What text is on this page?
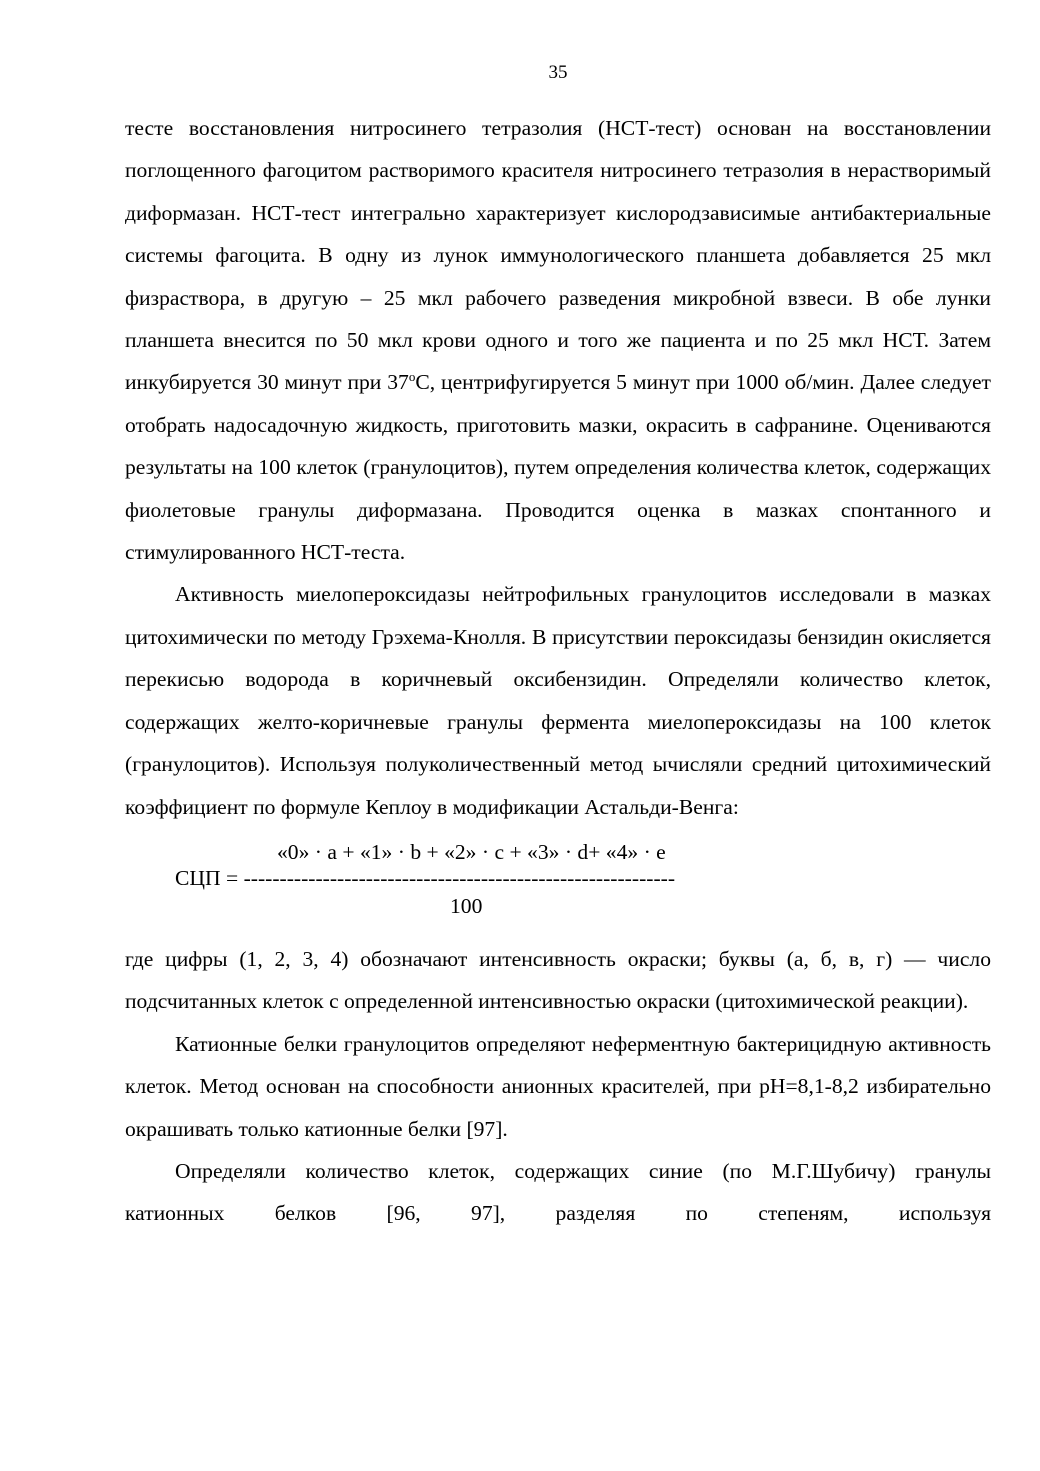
35

тесте восстановления нитросинего тетразолия (НСТ-тест) основан на восстановлении поглощенного фагоцитом растворимого красителя нитросинего тетразолия в нерастворимый диформазан. НСТ-тест интегрально характеризует кислородзависимые антибактериальные системы фагоцита. В одну из лунок иммунологического планшета добавляется 25 мкл физраствора, в другую – 25 мкл рабочего разведения микробной взвеси. В обе лунки планшета внесится по 50 мкл крови одного и того же пациента и по 25 мкл НСТ. Затем инкубируется 30 минут при $37^оС$, центрифугируется 5 минут при 1000 об/мин. Далее следует отобрать надосадочную жидкость, приготовить мазки, окрасить в сафранине. Оцениваются результаты на 100 клеток (гранулоцитов), путем определения количества клеток, содержащих фиолетовые гранулы диформазана. Проводится оценка в мазках спонтанного и стимулированного НСТ-теста.

Активность миелопероксидазы нейтрофильных гранулоцитов исследовали в мазках цитохимически по методу Грэхема-Кнолля. В присутствии пероксидазы бензидин окисляется перекисью водорода в коричневый оксибензидин. Определяли количество клеток, содержащих желто-коричневые гранулы фермента миелопероксидазы на 100 клеток (гранулоцитов). Используя полуколичественный метод ычисляли средний цитохимический коэффициент по формуле Кеплоу в модификации Астальди-Венга:

«0» · a + «1» · b + «2» · c + «3» · d+ «4» · e
СЦП = ------------------------------------------------------------
100

где цифры (1, 2, 3, 4) обозначают интенсивность окраски; буквы (а, б, в, г) — число подсчитанных клеток с определенной интенсивностью окраски (цитохимической реакции).

Катионные белки гранулоцитов определяют неферментную бактерицидную активность клеток. Метод основан на способности анионных красителей, при рН=8,1-8,2 избирательно окрашивать только катионные белки [97].

Определяли количество клеток, содержащих синие (по М.Г.Шубичу) гранулы катионных белков [96, 97], разделяя по степеням, используя
